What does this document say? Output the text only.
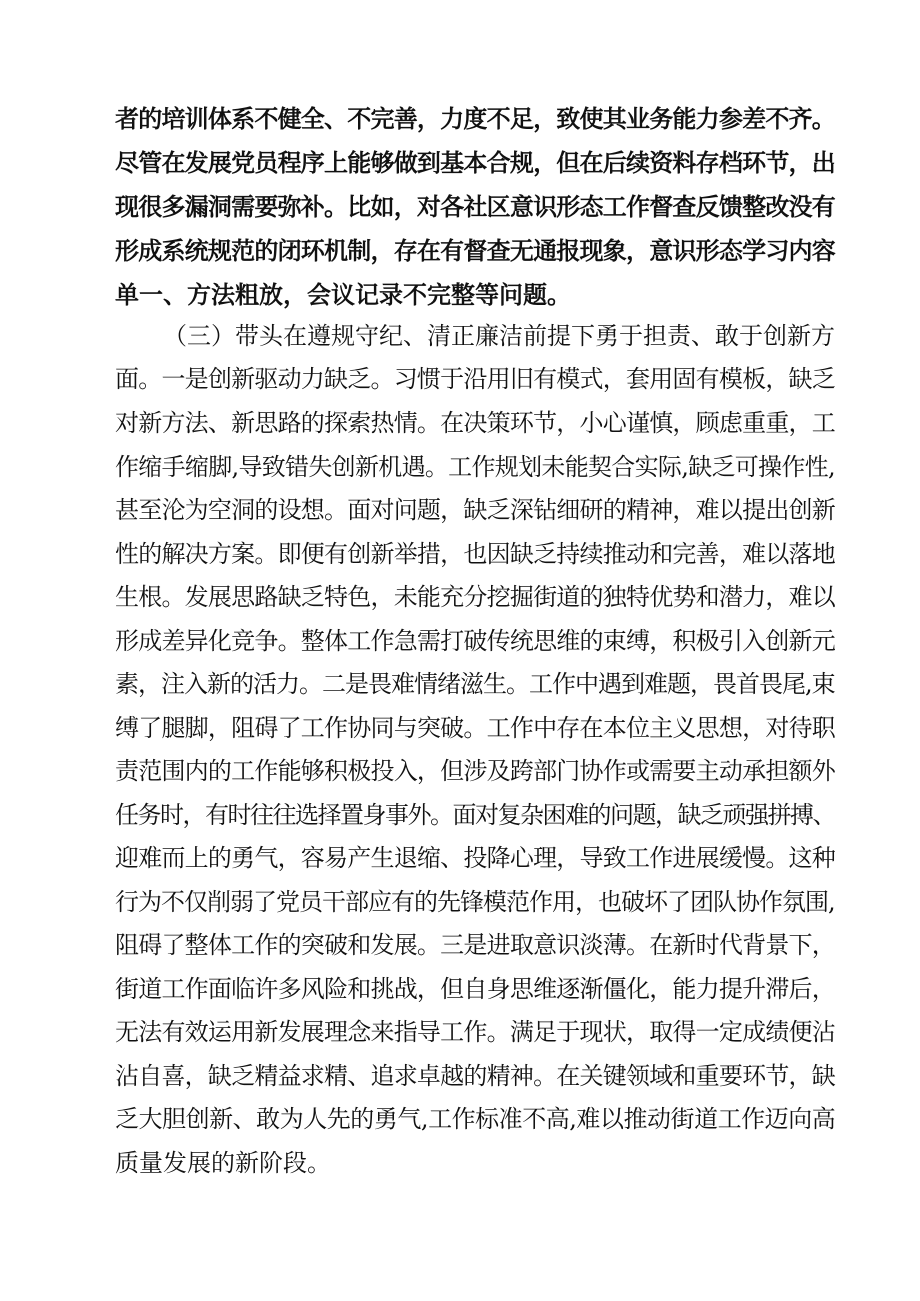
者的培训体系不健全、不完善，力度不足，致使其业务能力参差不齐。
尽管在发展党员程序上能够做到基本合规，但在后续资料存档环节，出
现很多漏洞需要弥补。比如，对各社区意识形态工作督查反馈整改没有
形成系统规范的闭环机制，存在有督查无通报现象，意识形态学习内容
单一、方法粗放，会议记录不完整等问题。
（三）带头在遵规守纪、清正廉洁前提下勇于担责、敢于创新方
面。一是创新驱动力缺乏。习惯于沿用旧有模式，套用固有模板，缺乏
对新方法、新思路的探索热情。在决策环节，小心谨慎，顾虑重重，工
作缩手缩脚,导致错失创新机遇。工作规划未能契合实际,缺乏可操作性,
甚至沦为空洞的设想。面对问题，缺乏深钻细研的精神，难以提出创新
性的解决方案。即便有创新举措，也因缺乏持续推动和完善，难以落地
生根。发展思路缺乏特色，未能充分挖掘街道的独特优势和潜力，难以
形成差异化竞争。整体工作急需打破传统思维的束缚，积极引入创新元
素，注入新的活力。二是畏难情绪滋生。工作中遇到难题，畏首畏尾,束
缚了腿脚，阻碍了工作协同与突破。工作中存在本位主义思想，对待职
责范围内的工作能够积极投入，但涉及跨部门协作或需要主动承担额外
任务时，有时往往选择置身事外。面对复杂困难的问题，缺乏顽强拼搏、
迎难而上的勇气，容易产生退缩、投降心理，导致工作进展缓慢。这种
行为不仅削弱了党员干部应有的先锋模范作用，也破坏了团队协作氛围,
阻碍了整体工作的突破和发展。三是进取意识淡薄。在新时代背景下，
街道工作面临许多风险和挑战，但自身思维逐渐僵化，能力提升滞后，
无法有效运用新发展理念来指导工作。满足于现状，取得一定成绩便沾
沾自喜，缺乏精益求精、追求卓越的精神。在关键领域和重要环节，缺
乏大胆创新、敢为人先的勇气,工作标准不高,难以推动街道工作迈向高
质量发展的新阶段。
